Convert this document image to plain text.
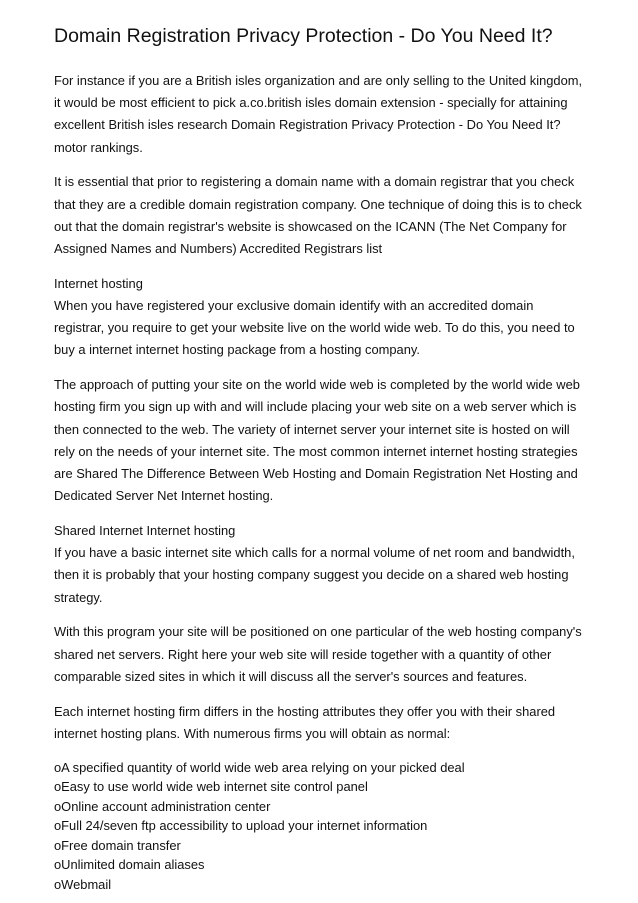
Domain Registration Privacy Protection - Do You Need It?
For instance if you are a British isles organization and are only selling to the United kingdom,
it would be most efficient to pick a.co.british isles domain extension - specially for attaining
excellent British isles research Domain Registration Privacy Protection - Do You Need It?
motor rankings.
It is essential that prior to registering a domain name with a domain registrar that you check
that they are a credible domain registration company. One technique of doing this is to check
out that the domain registrar's website is showcased on the ICANN (The Net Company for
Assigned Names and Numbers) Accredited Registrars list
Internet hosting
When you have registered your exclusive domain identify with an accredited domain
registrar, you require to get your website live on the world wide web. To do this, you need to
buy a internet internet hosting package from a hosting company.
The approach of putting your site on the world wide web is completed by the world wide web
hosting firm you sign up with and will include placing your web site on a web server which is
then connected to the web. The variety of internet server your internet site is hosted on will
rely on the needs of your internet site. The most common internet internet hosting strategies
are Shared The Difference Between Web Hosting and Domain Registration Net Hosting and
Dedicated Server Net Internet hosting.
Shared Internet Internet hosting
If you have a basic internet site which calls for a normal volume of net room and bandwidth,
then it is probably that your hosting company suggest you decide on a shared web hosting
strategy.
With this program your site will be positioned on one particular of the web hosting company's
shared net servers. Right here your web site will reside together with a quantity of other
comparable sized sites in which it will discuss all the server's sources and features.
Each internet hosting firm differs in the hosting attributes they offer you with their shared
internet hosting plans. With numerous firms you will obtain as normal:
oA specified quantity of world wide web area relying on your picked deal
oEasy to use world wide web internet site control panel
oOnline account administration center
oFull 24/seven ftp accessibility to upload your internet information
oFree domain transfer
oUnlimited domain aliases
oWebmail
